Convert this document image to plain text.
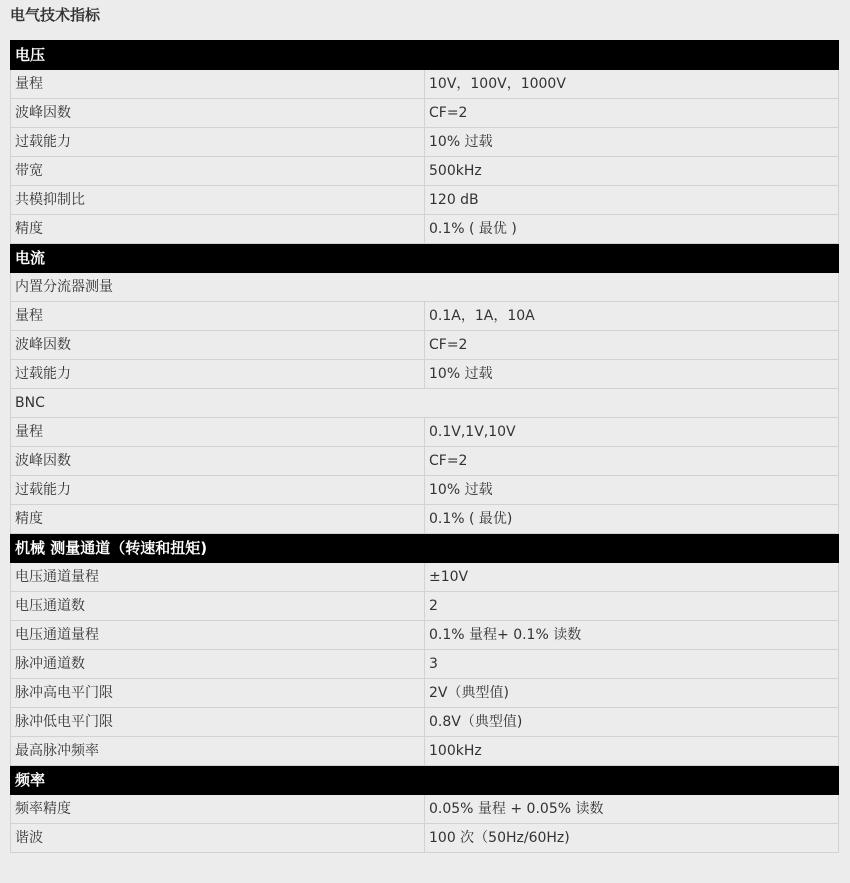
电气技术指标
电压	
量程	10V，100V，1000V
波峰因数	CF=2
过载能力	10% 过载
带宽	500kHz
共模抑制比	120 dB
精度	0.1% ( 最优 )
电流	
内置分流器测量	
量程	0.1A，1A，10A
波峰因数	CF=2
过载能力	10% 过载
BNC	
量程	0.1V,1V,10V
波峰因数	CF=2
过载能力	10% 过载
精度	0.1% ( 最优)
机械 测量通道（转速和扭矩)	
电压通道量程	±10V
电压通道数	2
电压通道量程	0.1% 量程+ 0.1% 读数
脉冲通道数	3
脉冲高电平门限	2V（典型值)
脉冲低电平门限	0.8V（典型值)
最高脉冲频率	100kHz
频率	
频率精度	0.05% 量程 + 0.05% 读数
谐波	100 次（50Hz/60Hz)
